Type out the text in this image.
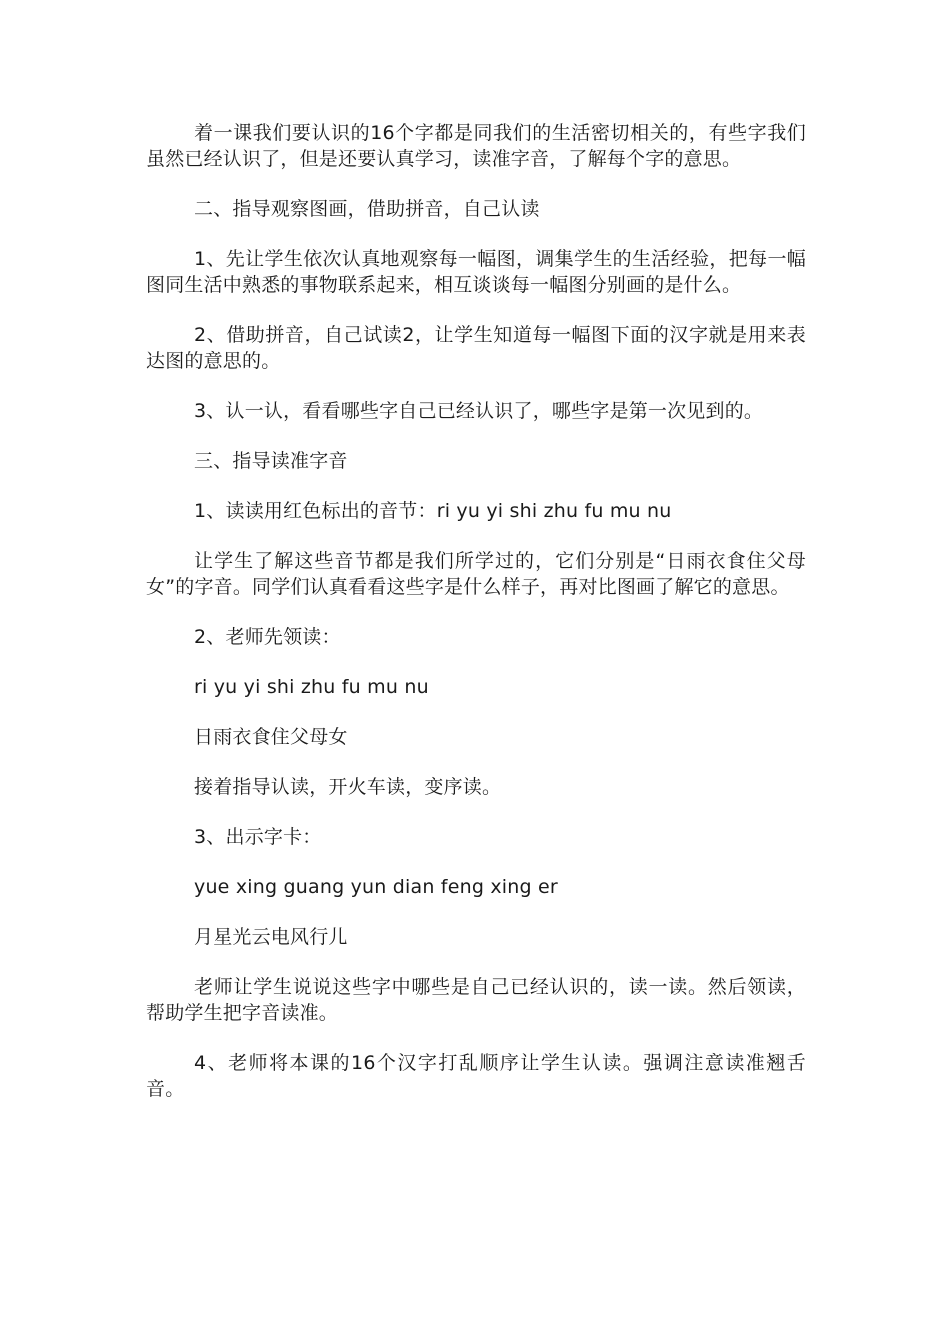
着一课我们要认识的16个字都是同我们的生活密切相关的，有些字我们虽然已经认识了，但是还要认真学习，读准字音，了解每个字的意思。

二、指导观察图画，借助拼音，自己认读

1、先让学生依次认真地观察每一幅图，调集学生的生活经验，把每一幅图同生活中熟悉的事物联系起来，相互谈谈每一幅图分别画的是什么。

2、借助拼音，自己试读2，让学生知道每一幅图下面的汉字就是用来表达图的意思的。

3、认一认，看看哪些字自己已经认识了，哪些字是第一次见到的。

三、指导读准字音

1、读读用红色标出的音节：ri yu yi shi zhu fu mu nu

让学生了解这些音节都是我们所学过的，它们分别是“日雨衣食住父母女”的字音。同学们认真看看这些字是什么样子，再对比图画了解它的意思。

2、老师先领读：

ri yu yi shi zhu fu mu nu

日雨衣食住父母女

接着指导认读，开火车读，变序读。

3、出示字卡：

yue xing guang yun dian feng xing er

月星光云电风行儿

老师让学生说说这些字中哪些是自己已经认识的，读一读。然后领读，帮助学生把字音读准。

4、老师将本课的16个汉字打乱顺序让学生认读。强调注意读准翘舌音。
